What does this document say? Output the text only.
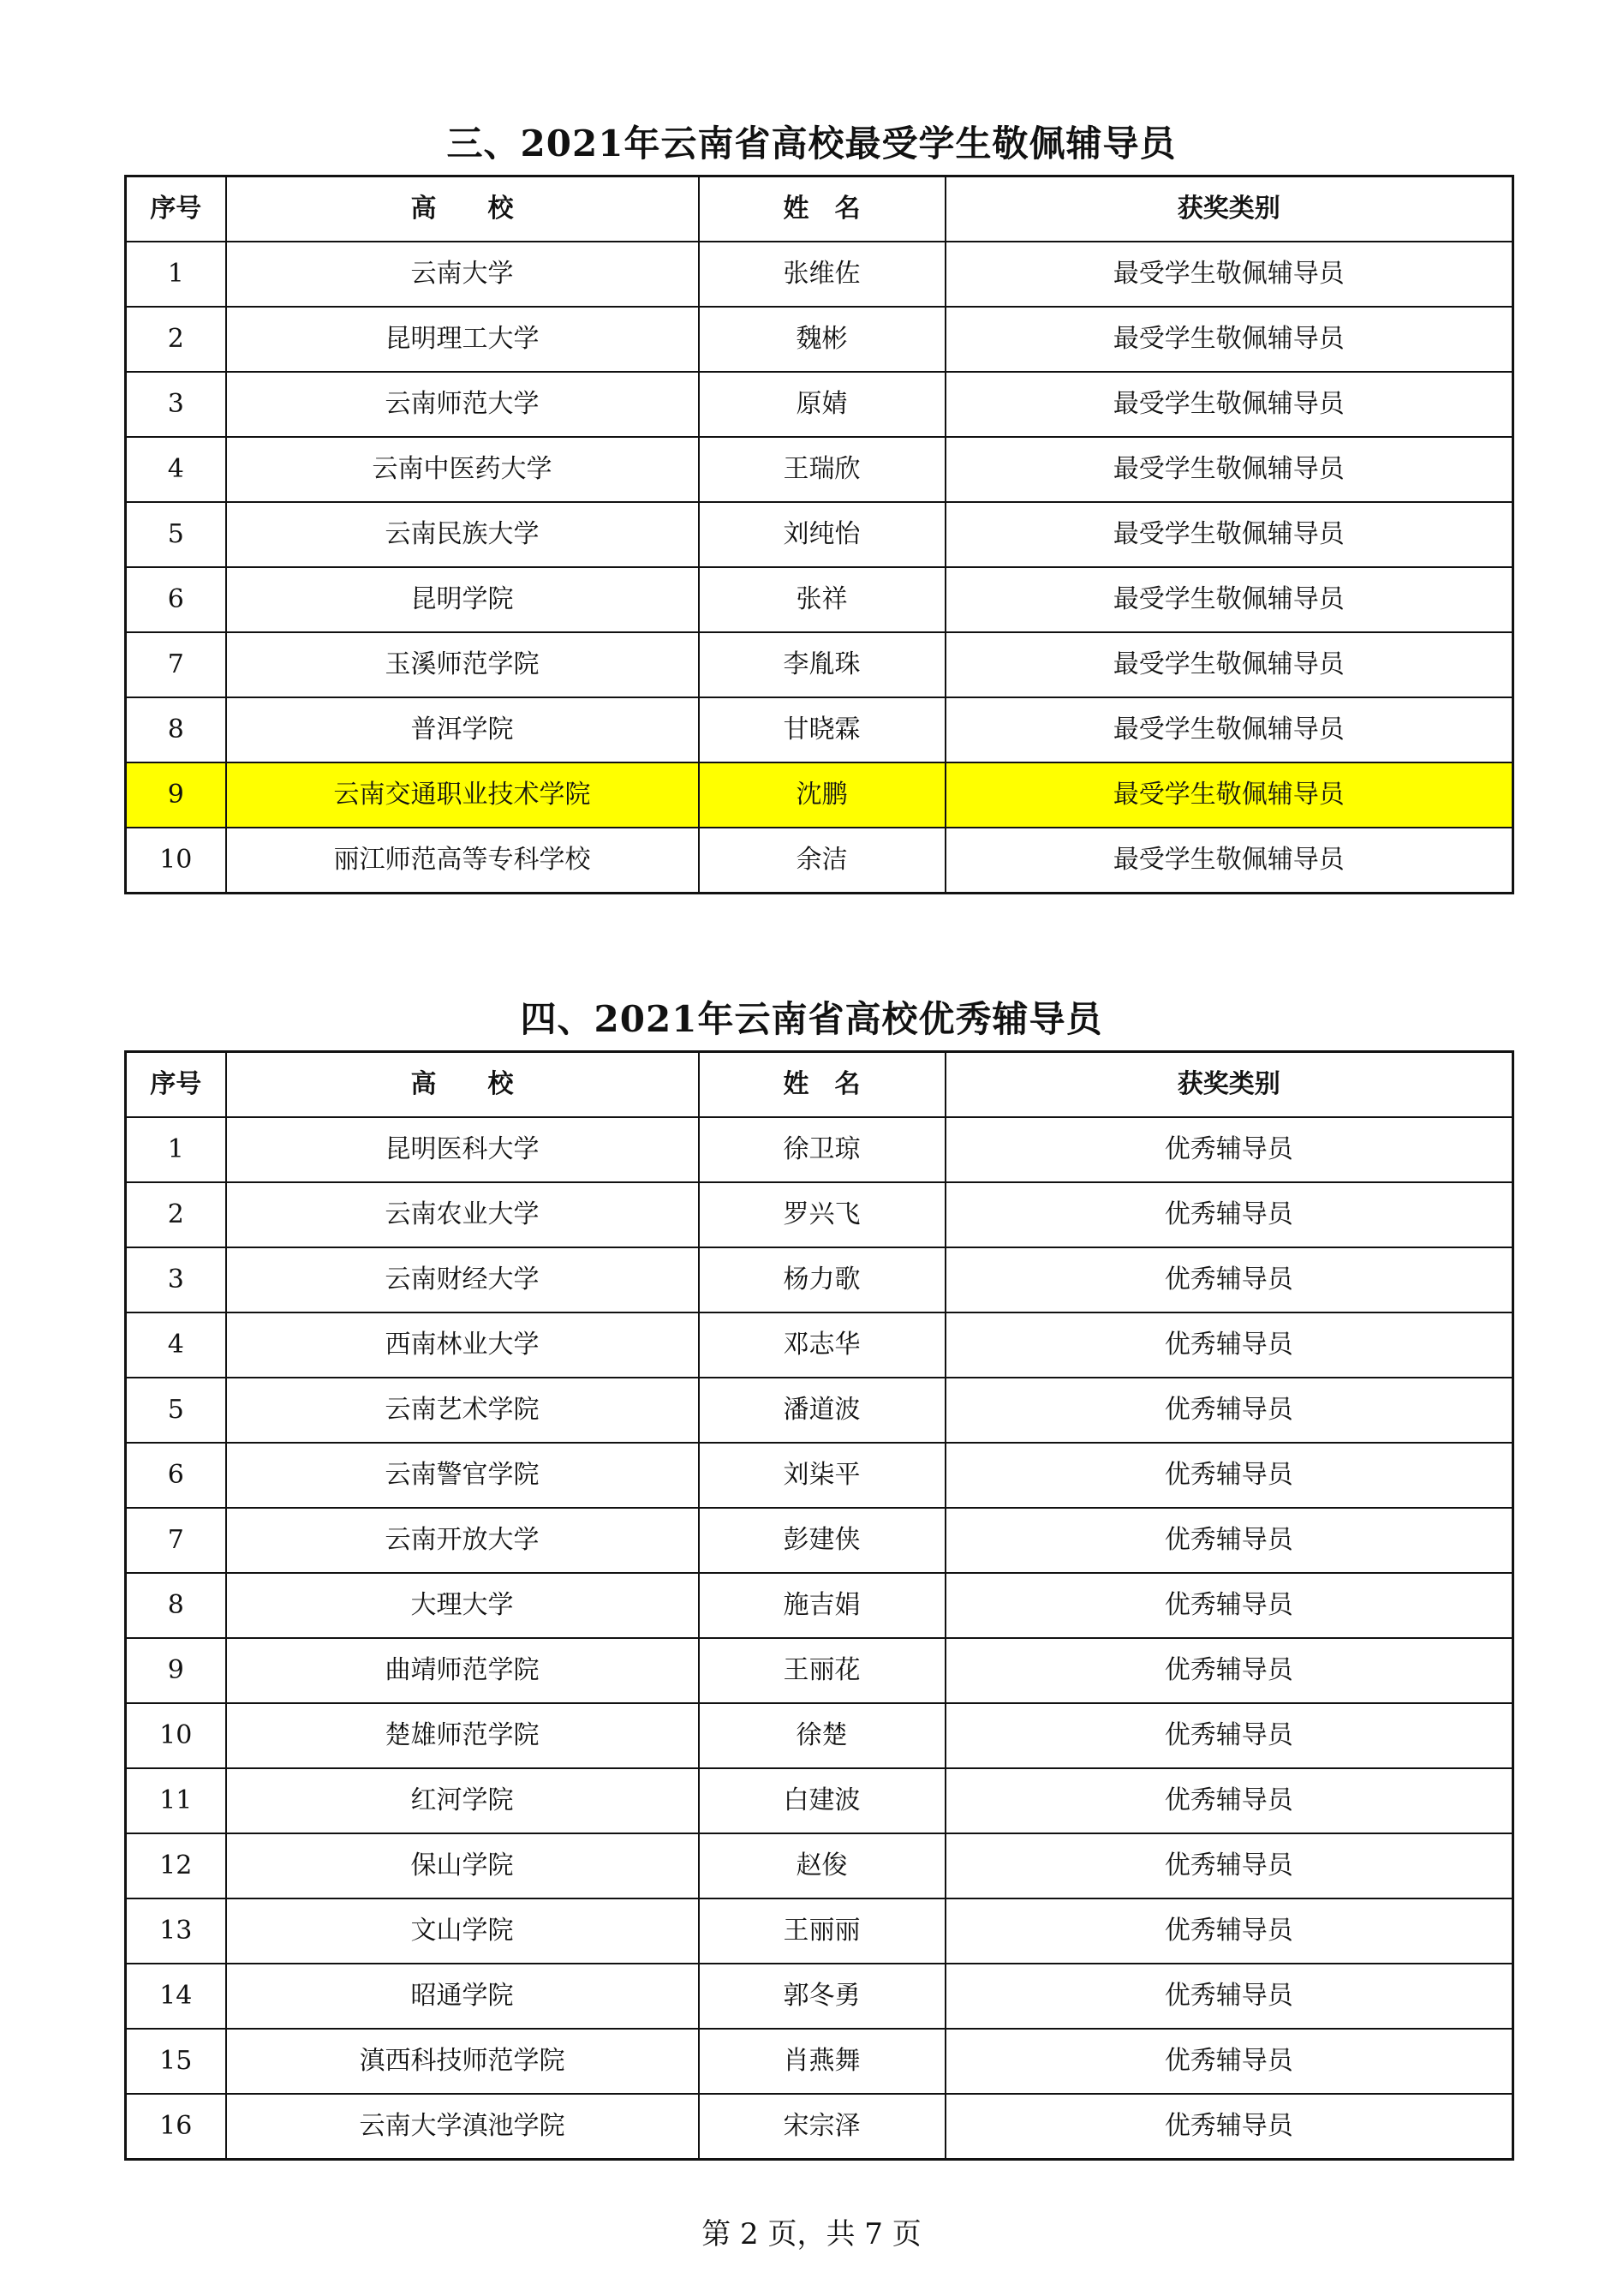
三、2021年云南省高校最受学生敬佩辅导员
序号	高　　校	姓　名	获奖类别
1	云南大学	张维佐	最受学生敬佩辅导员
2	昆明理工大学	魏彬	最受学生敬佩辅导员
3	云南师范大学	原婧	最受学生敬佩辅导员
4	云南中医药大学	王瑞欣	最受学生敬佩辅导员
5	云南民族大学	刘纯怡	最受学生敬佩辅导员
6	昆明学院	张祥	最受学生敬佩辅导员
7	玉溪师范学院	李胤珠	最受学生敬佩辅导员
8	普洱学院	甘晓霖	最受学生敬佩辅导员
9	云南交通职业技术学院	沈鹏	最受学生敬佩辅导员
10	丽江师范高等专科学校	余洁	最受学生敬佩辅导员
四、2021年云南省高校优秀辅导员
序号	高　　校	姓　名	获奖类别
1	昆明医科大学	徐卫琼	优秀辅导员
2	云南农业大学	罗兴飞	优秀辅导员
3	云南财经大学	杨力歌	优秀辅导员
4	西南林业大学	邓志华	优秀辅导员
5	云南艺术学院	潘道波	优秀辅导员
6	云南警官学院	刘柒平	优秀辅导员
7	云南开放大学	彭建侠	优秀辅导员
8	大理大学	施吉娟	优秀辅导员
9	曲靖师范学院	王丽花	优秀辅导员
10	楚雄师范学院	徐楚	优秀辅导员
11	红河学院	白建波	优秀辅导员
12	保山学院	赵俊	优秀辅导员
13	文山学院	王丽丽	优秀辅导员
14	昭通学院	郭冬勇	优秀辅导员
15	滇西科技师范学院	肖燕舞	优秀辅导员
16	云南大学滇池学院	宋宗泽	优秀辅导员
第 2 页，共 7 页
